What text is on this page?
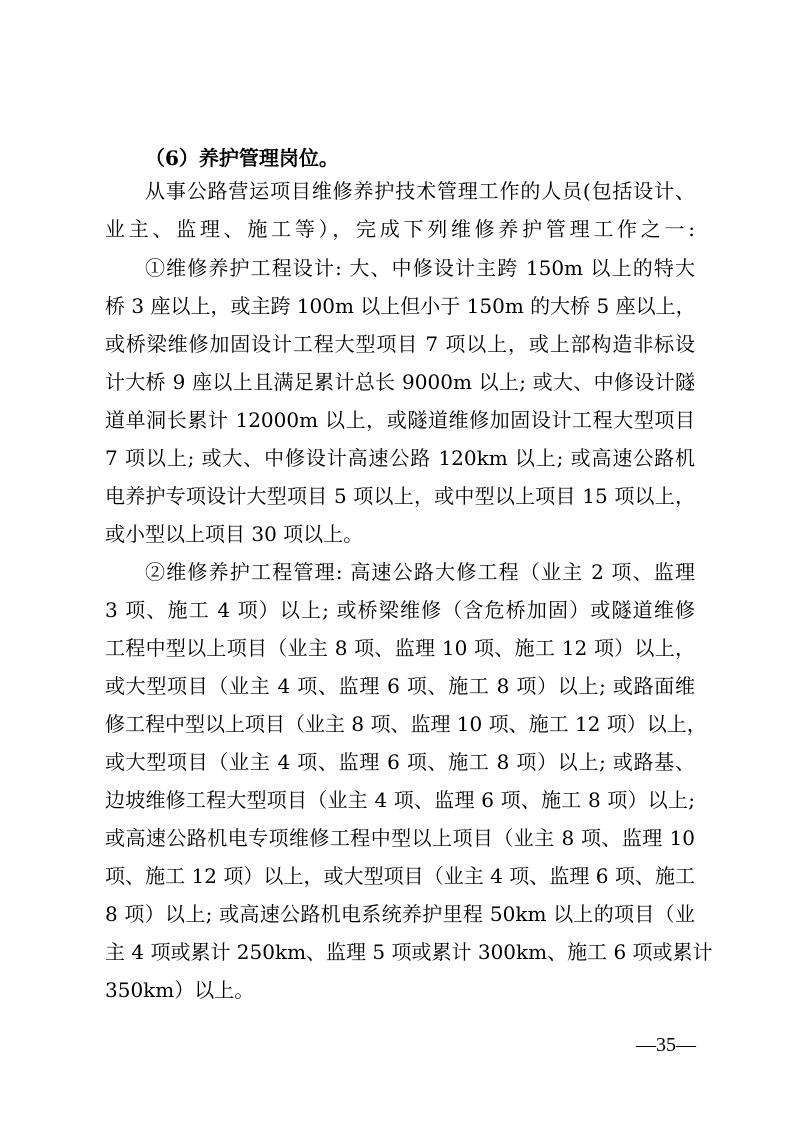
（6）养护管理岗位。
从事公路营运项目维修养护技术管理工作的人员(包括设计、
业主、监理、施工等），完成下列维修养护管理工作之一:
①维修养护工程设计: 大、中修设计主跨 150m 以上的特大
桥 3 座以上，或主跨 100m 以上但小于 150m 的大桥 5 座以上，
或桥梁维修加固设计工程大型项目 7 项以上，或上部构造非标设
计大桥 9 座以上且满足累计总长 9000m 以上; 或大、中修设计隧
道单洞长累计 12000m 以上，或隧道维修加固设计工程大型项目
7 项以上; 或大、中修设计高速公路 120km 以上; 或高速公路机
电养护专项设计大型项目 5 项以上，或中型以上项目 15 项以上，
或小型以上项目 30 项以上。
②维修养护工程管理: 高速公路大修工程（业主 2 项、监理
3 项、施工 4 项）以上; 或桥梁维修（含危桥加固）或隧道维修
工程中型以上项目（业主 8 项、监理 10 项、施工 12 项）以上，
或大型项目（业主 4 项、监理 6 项、施工 8 项）以上; 或路面维
修工程中型以上项目（业主 8 项、监理 10 项、施工 12 项）以上，
或大型项目（业主 4 项、监理 6 项、施工 8 项）以上; 或路基、
边坡维修工程大型项目（业主 4 项、监理 6 项、施工 8 项）以上;
或高速公路机电专项维修工程中型以上项目（业主 8 项、监理 10
项、施工 12 项）以上，或大型项目（业主 4 项、监理 6 项、施工
8 项）以上; 或高速公路机电系统养护里程 50km 以上的项目（业
主 4 项或累计 250km、监理 5 项或累计 300km、施工 6 项或累计
350km）以上。
—35—
